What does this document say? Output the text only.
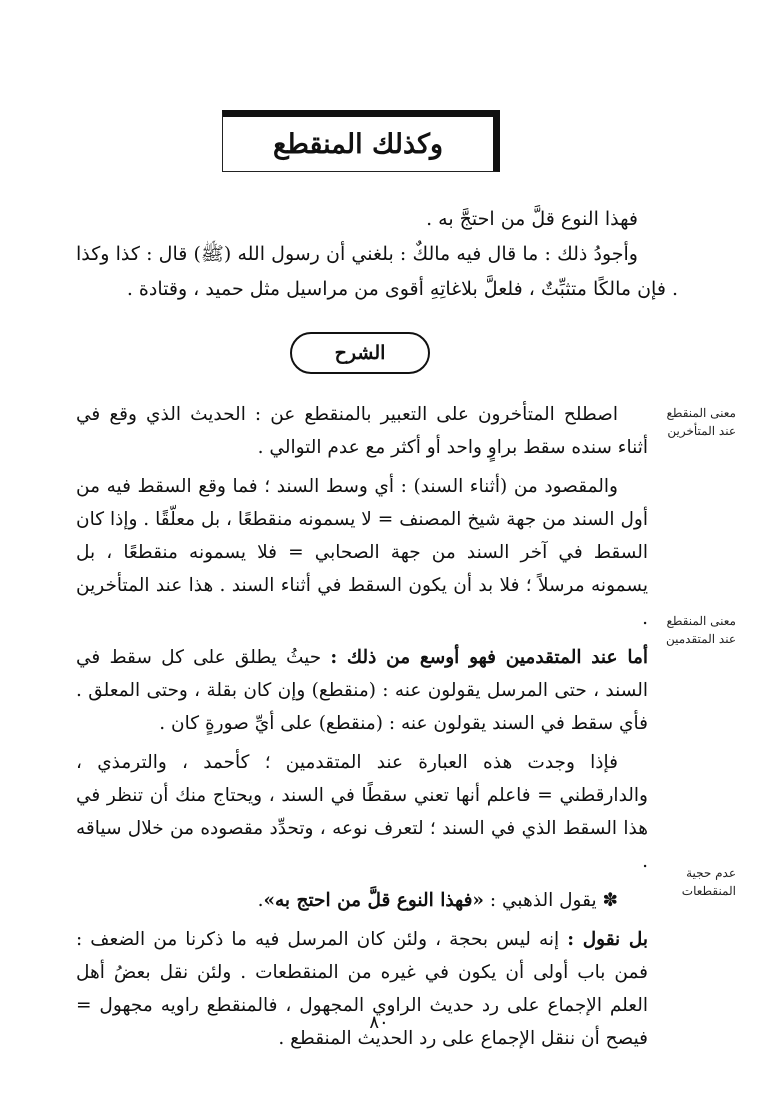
وكذلك المنقطع

فهذا النوع قلَّ من احتجَّ به .

وأجودُ ذلك : ما قال فيه مالكٌ : بلغني أن رسول الله (ﷺ) قال : كذا وكذا . فإن مالكًا متثبِّتٌ ، فلعلَّ بلاغاتِهِ أقوى من مراسيل مثل حميد ، وقتادة .

الشرح
معنى المنقطع عند المتأخرين
معنى المنقطع عند المتقدمين
عدم حجية المنقطعات

اصطلح المتأخرون على التعبير بالمنقطع عن : الحديث الذي وقع في أثناء سنده سقط براوٍ واحد أو أكثر مع عدم التوالي .

والمقصود من (أثناء السند) : أي وسط السند ؛ فما وقع السقط فيه من أول السند من جهة شيخ المصنف = لا يسمونه منقطعًا ، بل معلّقًا . وإذا كان السقط في آخر السند من جهة الصحابي = فلا يسمونه منقطعًا ، بل يسمونه مرسلاً ؛ فلا بد أن يكون السقط في أثناء السند . هذا عند المتأخرين .

أما عند المتقدمين فهو أوسع من ذلك : حيثُ يطلق على كل سقط في السند ، حتى المرسل يقولون عنه : (منقطع) وإن كان بقلة ، وحتى المعلق . فأي سقط في السند يقولون عنه : (منقطع) على أيِّ صورةٍ كان .

فإذا وجدت هذه العبارة عند المتقدمين ؛ كأحمد ، والترمذي ، والدارقطني = فاعلم أنها تعني سقطًا في السند ، ويحتاج منك أن تنظر في هذا السقط الذي في السند ؛ لتعرف نوعه ، وتحدِّد مقصوده من خلال سياقه .

✽ يقول الذهبي : «فهذا النوع قلَّ من احتج به».

بل نقول : إنه ليس بحجة ، ولئن كان المرسل فيه ما ذكرنا من الضعف : فمن باب أولى أن يكون في غيره من المنقطعات . ولئن نقل بعضُ أهل العلم الإجماع على رد حديث الراوي المجهول ، فالمنقطع راويه مجهول = فيصح أن ننقل الإجماع على رد الحديث المنقطع .

٨٠
